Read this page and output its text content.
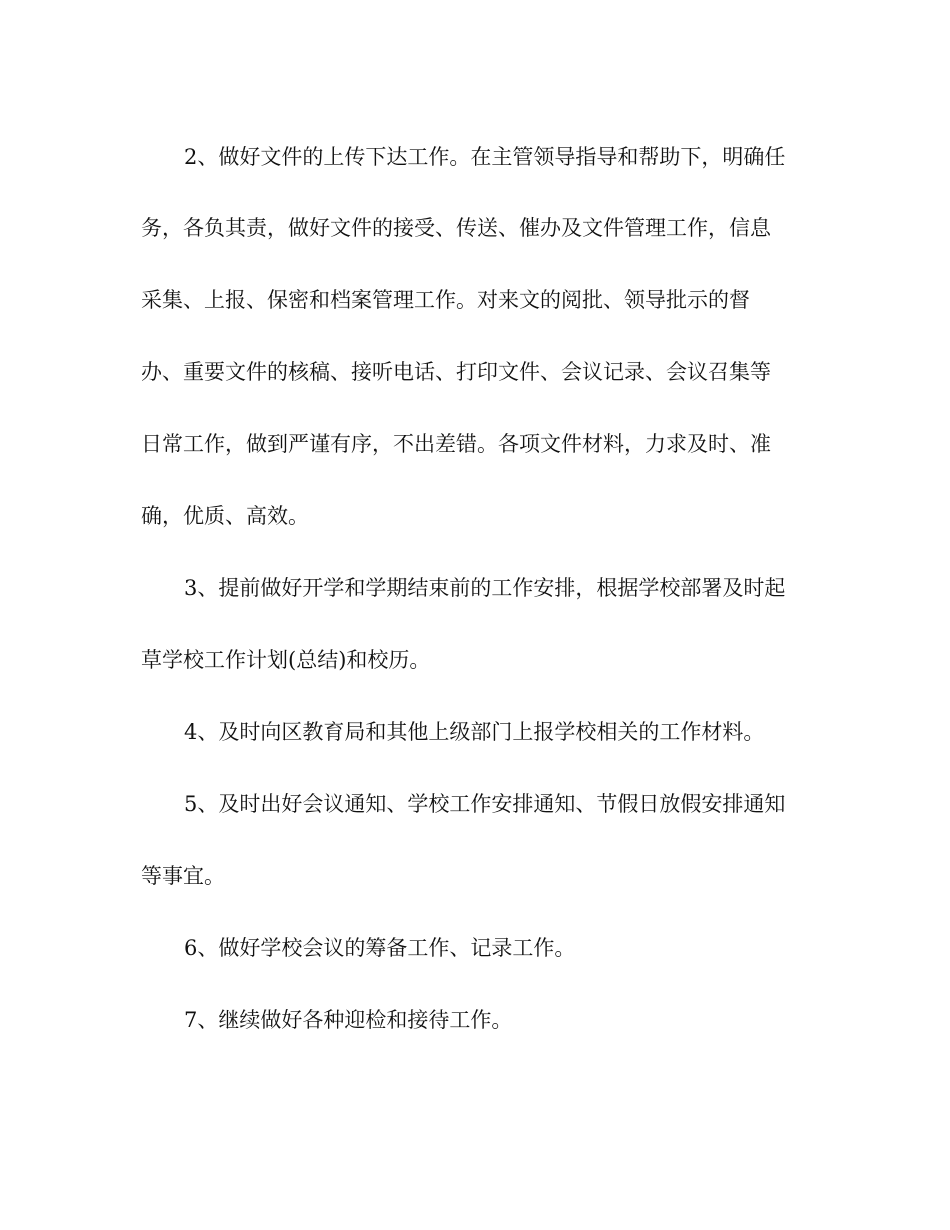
2、做好文件的上传下达工作。在主管领导指导和帮助下，明确任
务，各负其责，做好文件的接受、传送、催办及文件管理工作，信息
采集、上报、保密和档案管理工作。对来文的阅批、领导批示的督
办、重要文件的核稿、接听电话、打印文件、会议记录、会议召集等
日常工作，做到严谨有序，不出差错。各项文件材料，力求及时、准
确，优质、高效。
3、提前做好开学和学期结束前的工作安排，根据学校部署及时起
草学校工作计划(总结)和校历。
4、及时向区教育局和其他上级部门上报学校相关的工作材料。
5、及时出好会议通知、学校工作安排通知、节假日放假安排通知
等事宜。
6、做好学校会议的筹备工作、记录工作。
7、继续做好各种迎检和接待工作。
